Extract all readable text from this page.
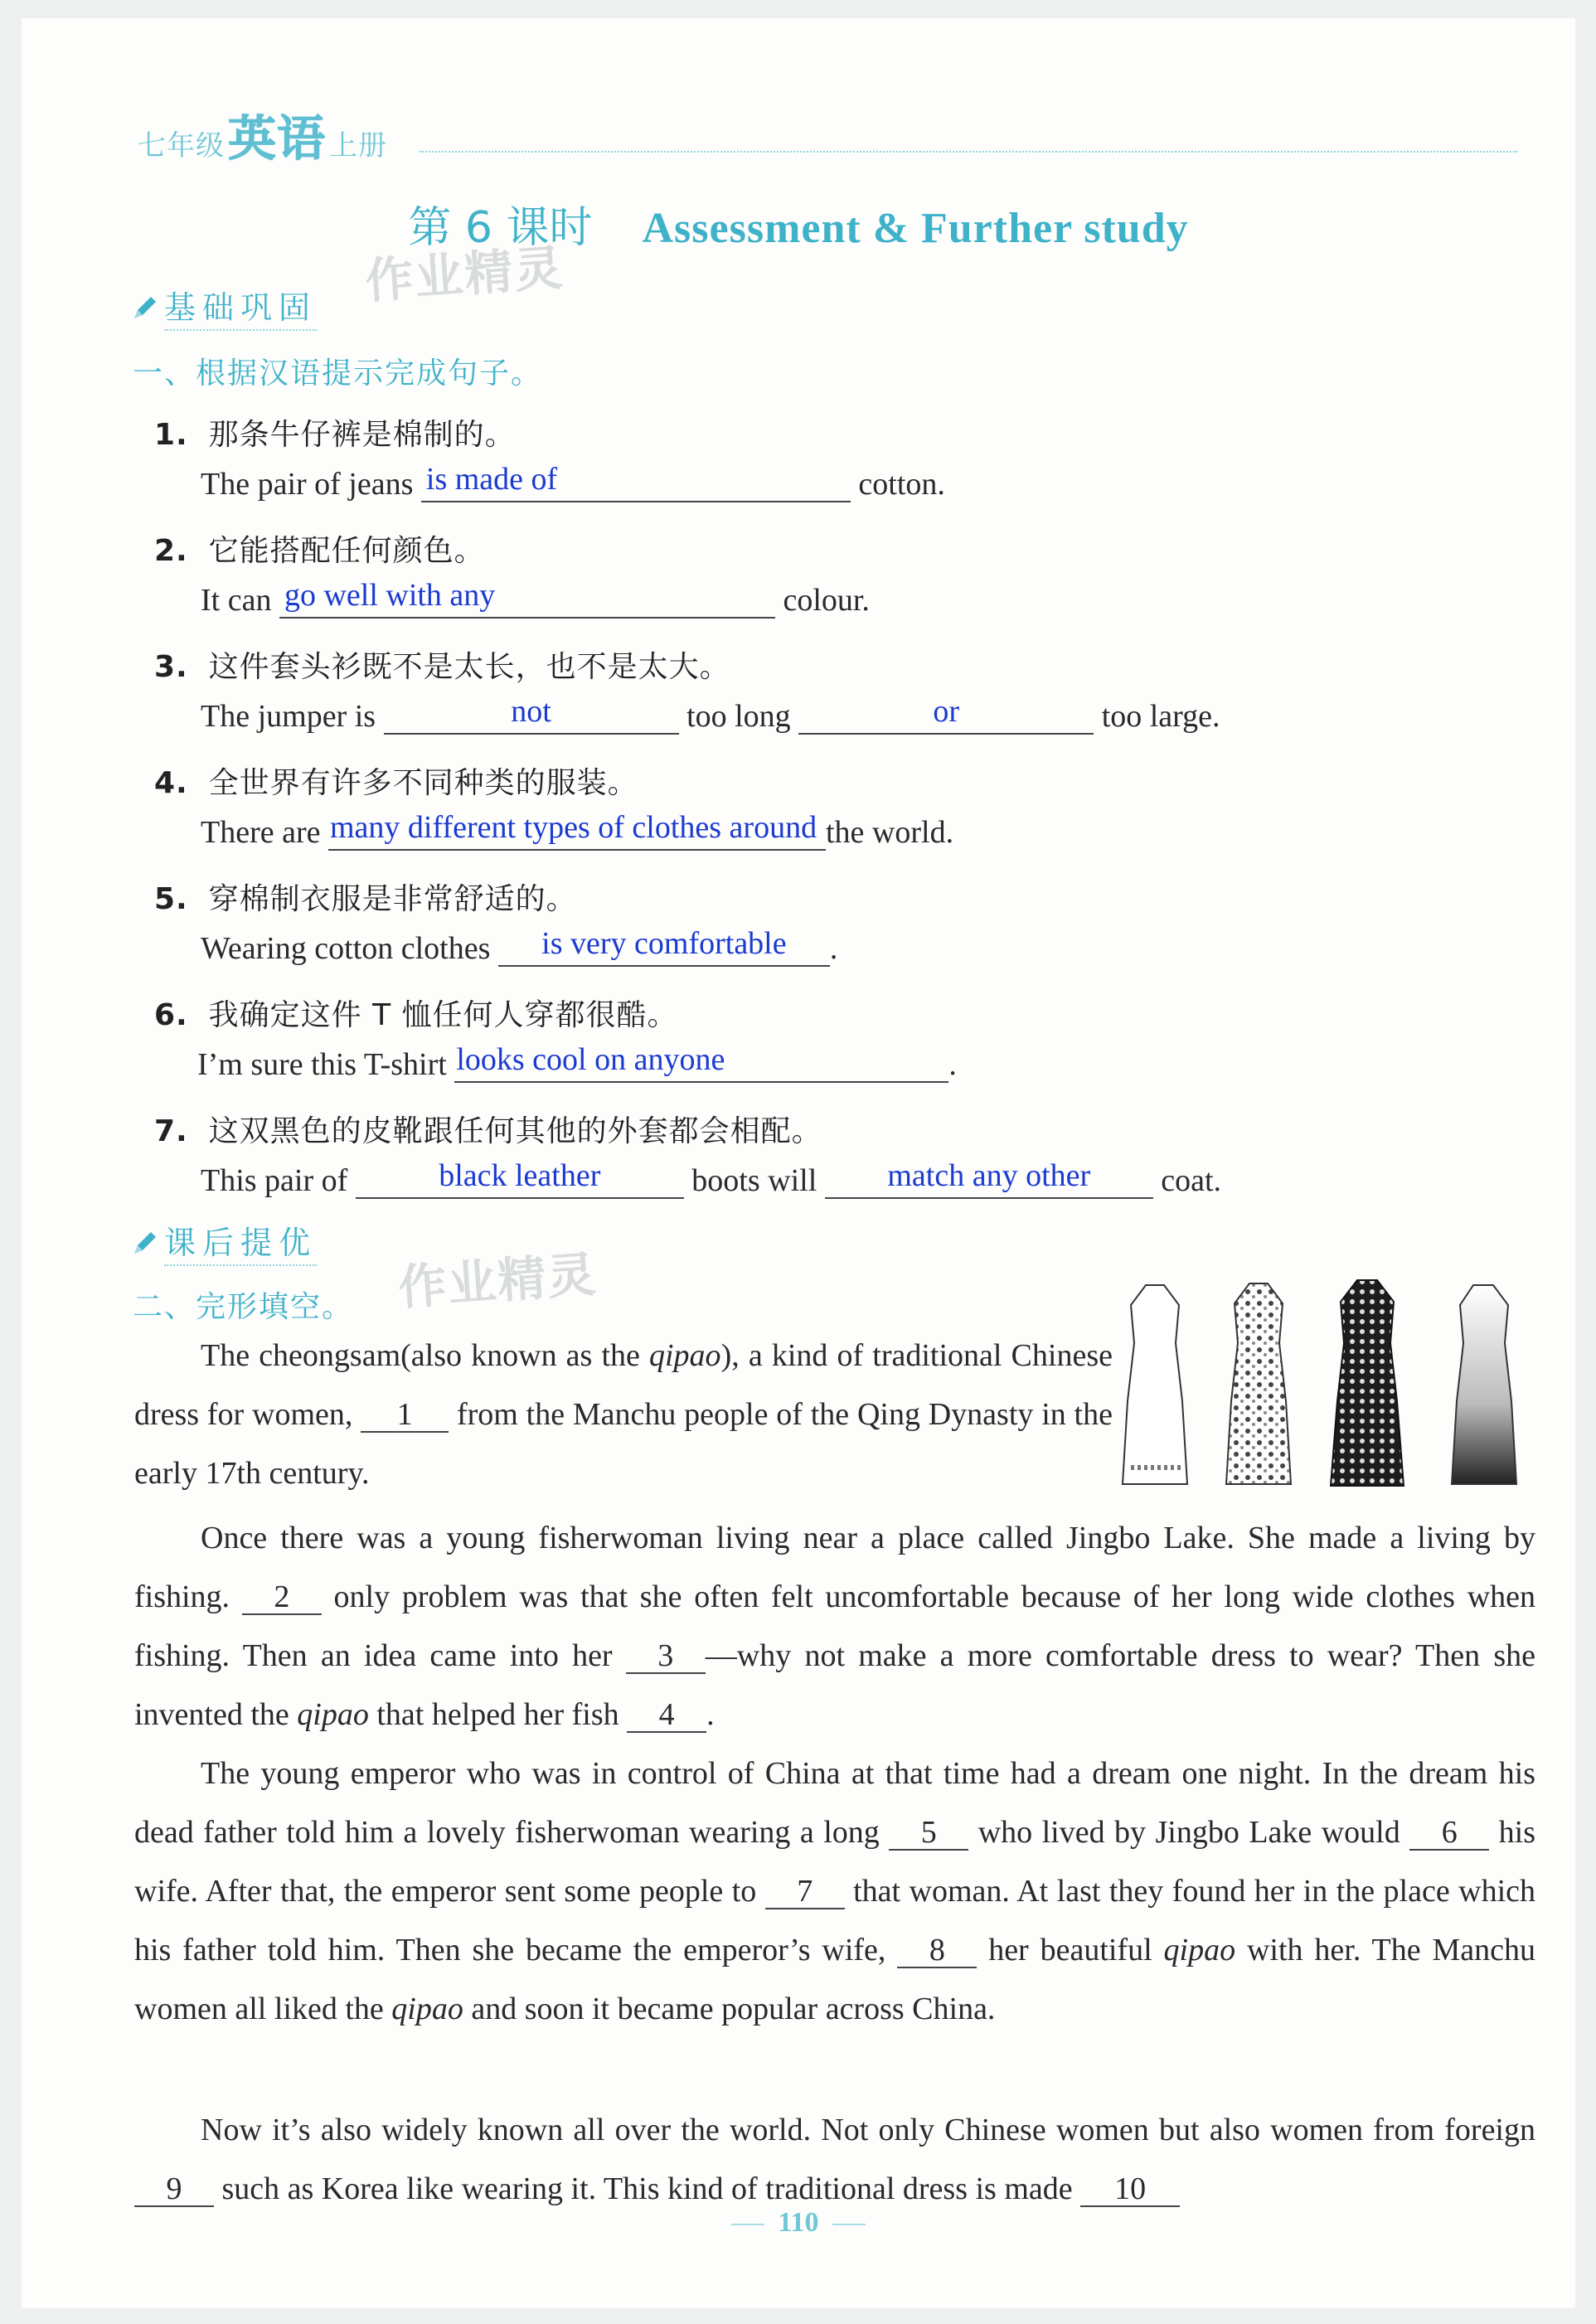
七年级英语 上册
第 6 课时 Assessment & Further study
作业精灵
基础巩固
一、根据汉语提示完成句子。
1. 那条牛仔裤是棉制的。
The pair of jeans is made of	cotton.
2. 它能搭配任何颜色。
It can go well with any	colour.
3. 这件套头衫既不是太长，也不是太大。
The jumper is	not	too long	or	too large.
4. 全世界有许多不同种类的服装。
There are many different types of clothes around the world.
5. 穿棉制衣服是非常舒适的。
Wearing cotton clothes	is very comfortable	.
6. 我确定这件 T 恤任何人穿都很酷。
I’m sure this T-shirt looks cool on anyone	.
7. 这双黑色的皮靴跟任何其他的外套都会相配。
This pair of	black leather	boots will	match any other	coat.
课后提优
作业精灵
二、完形填空。
The cheongsam(also known as the qipao), a kind of traditional Chinese dress for women, 1 from the Manchu people of the Qing Dynasty in the early 17th century.
Once there was a young fisherwoman living near a place called Jingbo Lake. She made a living by fishing. 2 only problem was that she often felt uncomfortable because of her long wide clothes when fishing. Then an idea came into her 3 —why not make a more comfortable dress to wear? Then she invented the qipao that helped her fish 4 .
The young emperor who was in control of China at that time had a dream one night. In the dream his dead father told him a lovely fisherwoman wearing a long 5 who lived by Jingbo Lake would 6 his wife. After that, the emperor sent some people to 7 that woman. At last they found her in the place which his father told him. Then she became the emperor’s wife, 8 her beautiful qipao with her. The Manchu women all liked the qipao and soon it became popular across China.
Now it’s also widely known all over the world. Not only Chinese women but also women from foreign 9 such as Korea like wearing it. This kind of traditional dress is made 10
110
